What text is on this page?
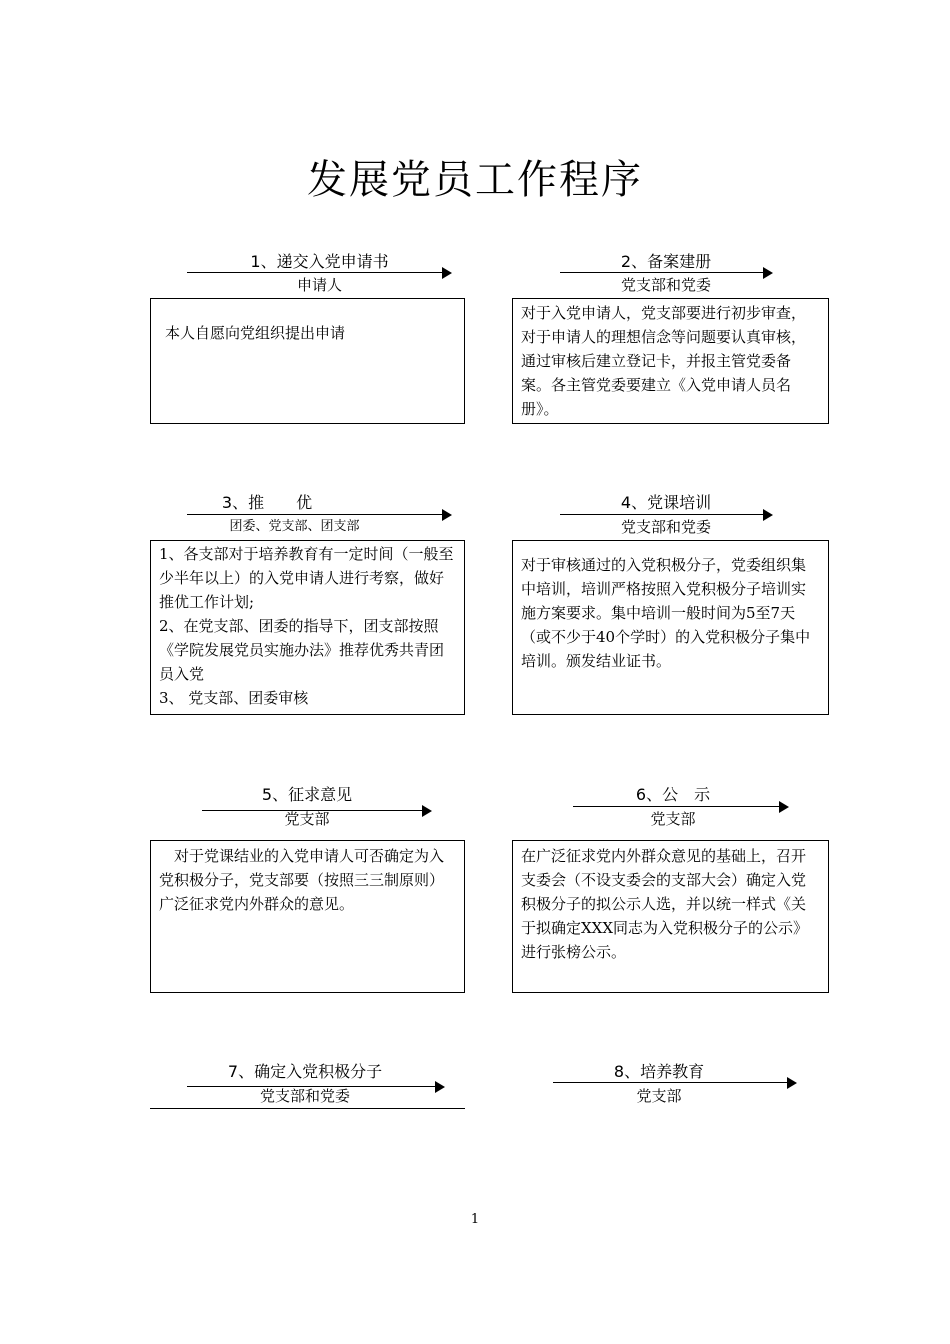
发展党员工作程序
1、递交入党申请书
申请人

本人自愿向党组织提出申请

2、备案建册
党支部和党委

对于入党申请人，党支部要进行初步审查，对于申请人的理想信念等问题要认真审核，通过审核后建立登记卡，并报主管党委备案。各主管党委要建立《入党申请人员名册》。

3、推　　优
团委、党支部、团支部

1、各支部对于培养教育有一定时间（一般至少半年以上）的入党申请人进行考察，做好推优工作计划;
2、在党支部、团委的指导下，团支部按照《学院发展党员实施办法》推荐优秀共青团员入党
3、 党支部、团委审核

4、党课培训
党支部和党委

对于审核通过的入党积极分子，党委组织集中培训，培训严格按照入党积极分子培训实施方案要求。集中培训一般时间为5至7天（或不少于40个学时）的入党积极分子集中培训。颁发结业证书。

5、征求意见
党支部

　对于党课结业的入党申请人可否确定为入党积极分子，党支部要（按照三三制原则）广泛征求党内外群众的意见。

6、公　示
党支部

在广泛征求党内外群众意见的基础上，召开支委会（不设支委会的支部大会）确定入党积极分子的拟公示人选，并以统一样式《关于拟确定XXX同志为入党积极分子的公示》进行张榜公示。

7、确定入党积极分子
党支部和党委
8、培养教育
党支部
1
